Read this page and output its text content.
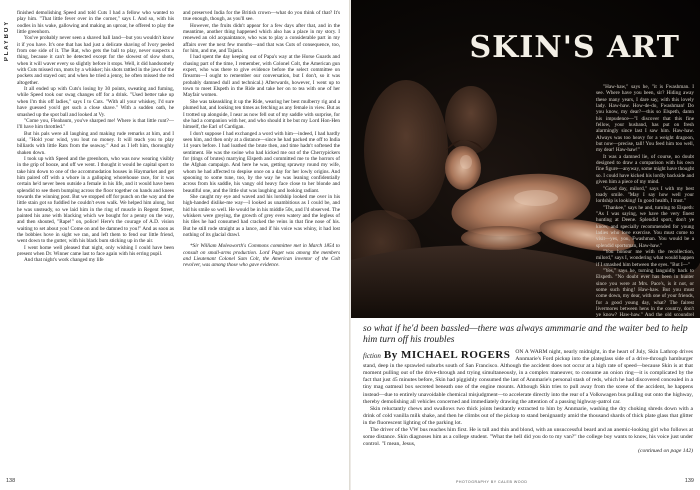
PLAYBOY

finished demolishing Speed and told Cuts I had a fellow who wanted to play him. "That little fever over in the corner," says I. And so, with his oodles in his wake, gallowing and making an uproar, he offered to play the little greenhorn.

You've probably never seen a shaved ball land—but you wouldn't know it if you have. It's one that has had just a delicate shaving of Ivory peeled from one side of it. The Rat, who gets the ball to play, never suspects a thing, because it can't be detected except for the slowest of slow shots, when it will waver every so slightly before it stops. Well, it did handsomely with Cuts missed run, mots by a whisker; his shots rattled in the jaws of the pockets and stayed out; and when he tried a jenny, he often missed the red altogether.

It all ended up with Cuts's losing by 30 points, sweating and fuming, while Speed took our swag changes off for a drink. "Used better take up when I'm this off ladies," says I to Cuts. "With all your whiskey, I'd sure have guessed you'd get such a close shave." With a sudden oath, he smashed up the spot ball and looked at Vy.

"Come you, Fleabaum, you've sharped me! Where is that little runt?—I'll have him throttled."

But his pals were all laughing and making rude remarks at him, and I said, "Hold your wind, you lout no money. It will teach you to play billiards with little Rats from the seaway." And as I left him, thoroughly shaken down.

I took up with Speed and the greenhorn, who was now wearing visibly in the grip of booze, and off we went. I thought it would be capital sport to take him down to one of the accommodation houses in Haymarket and get him paired off with a whore in a galloping whorehouse race, for it was certain he'd never been outside a female in his life, and it would have been splendid to see them bumping across the floor together on hands and knees towards the winning post. But we stopped off for punch on the way and the little stain got so fuddled he couldn't even walk. We helped him along, but he was unsteady, so we laid him in the ring of muscle in Regent Street, painted his arse with blacking which we bought for a penny on the way, and then shouted, "Rape!" on, police! Here's the courage of A.D. vision waiting to set about you! Come on and be damned to you!" And as soon as the bobbies hove in sight we ran, and left them to fend our little friend, went down to the gutter, with his black bum sticking up in the air.

I went home well pleased that night, only wishing I could have been present when Dr. Winner came last to face again with his erring pupil.

And that night's work changed my life

and preserved India for the British crown—what do you think of that? It's true enough, though, as you'll see.

However, the fruits didn't appear for a few days after that, and in the meantime, another thing happened which also has a place in my story. I renewed an old acquaintance, who was to play a considerable part in my affairs over the next few months—and that was Cuts of consequence, too, for him, and me, and Tajaria.

I had spent the day keeping out of Papa's way at the Horse Guards and chasing part of the time, I remember, with Colonel Colt, the American gun expert, who was there to give evidence before the select committee on firearms—I ought to remember our conversation, but I don't, so it was probably damned dull and technical.) Afterwards, however, I went up to town to meet Elspeth in the Ride and take her on to tea with one of her Mayfair women.

She was takeaskling it up the Ride, wearing her best mulberry rig and a plumed hat, and looking ten times as fetching as any female in view. But as I trotted up alongside, I near as now fell out of my saddle with surprise, for she had a companion with her, and who should it be but my Lord Hon-Hen himself, the Earl of Cardigan.

I don't suppose I had exchanged a word with him—indeed, I had hardly seen him, and then only at a distance—since he had packed me off to India 14 years before. I had loathed the brute then, and time hadn't softened the sentiment. He was the swine who had kicked me out of the Cherrypickers for (tings of brutes) marrying Elspeth and committed me to the horrors of the Afghan campaign. And here he was, getting sprawny round my wife, whom he had affected to despise once on a day for her lowly origins. And spooning to some tune, too, by the way he was leaning confidentially across from his saddle, his vangy old heavy face close to her blonde and beautiful one, and the little slut was laughing and looking radiant.

She caught my eye and waved and his lordship looked me over in his high-handed dislike-me way—I looked as unambitious as I could be, and hid his smile so well. He would be in his middle 50s, and I'd observed. The whiskers were greying, the growth of grey even watery and the legless of his tiles he had consumed had cracked the veins in that fine nose of his. But he still rode straight as a lance, and if his voice was whiny, it had lost nothing of its glacial drawl.

*Sir William Molesworth's Commons committee met in March 1854 to consult on small-arms production. Lord Paget was among the members and Lieutenant Colonel Sam Colt, the American inventor of the Colt revolver, was among those who gave evidence.

138
SKIN'S ART

"Haw-haw," says he, "it is Fwashman. I see. Where have you been, sir? Hiding away these many years, I dare say, with this lovely lady. Haw-haw. How-de-do, Fwashman! Do you know, my dear?—this so Elspeth, damn his impudence—"I discover that this fine fellow, your husband, has put on fresh alarmingly since last I saw him. Haw-haw. Always was too heavy for a weight dragoon, but now—precise, tall! You feed him too well, my dear! Haw-haw!"

It was a damned lie, of course, no doubt designed to draw a comparison with his own fine figure—anyway, some might have thought so. I could have kicked his lordly backside and given him a piece of my mind.

"Good day, milord," says I with my best toady smile. "May I say how well your lordship is looking! In good health, I trust."

"Thankee," says he and, turning to Elspeth: "As I was saying, we have the very finest hunting at Deene. Splendid sport, don't ye know, and specially recommended for young ladies who love exercise. You must come to visit—yes, you, Fwashman. You would be a splendid sportsman, Haw-haw."

"You honour me with the recollection, milord," says I, wondering what would happen if I smashed him between the eyes. "But I—"

"Yes," says he, turning languidly back to Elspeth. "No doubt ever has been in hunter since you were at Mrs. Pace's, is it not, or some such thing! Haw-haw. But you must come down, my dear, with one of your friends, for a good young day, what? The fairest livermores between hens in the country, don't ye know? Haw-haw." And the old scoundrel

so what if he'd been bassled—there was always ammmarie and the waiter bed to help him turn off his troubles
fiction By MICHAEL ROGERS ON A WARM night, nearly midnight, in the heart of July, Skin Lathrop drives Annmarie's Ford pickup into the plateglass side of a drive-through hamburger stand, deep in the sprawled suburbs south of San Francisco. Although the accident does not occur at a high rate of speed—because Skin is at that moment pulling out of the drive-through and trying simultaneously, in a complex maneuver, to consume an onion ring—it is complicated by the fact that just 45 minutes before, Skin had piggishly consumed the last of Annmarie's personal stash of reds, which he had discovered concealed in a tiny mag oatmeal box secreted beneath one of the engine mounts. Although Skin tries to pull away from the scene of the accident, he happens instead—due to entirely unavoidable chemical misjudgment—to accelerate directly into the rear of a Volkswagen bus pulling out onto the highway, thereby demolishing all vehicles concerned and immediately drawing the attention of a passing highway-patrol car.

Skin reluctantly chews and swallows two thick joints hesitantly extracted to him by Annmarie, washing the dry choking shreds down with a drink of cold vanilla milk shake, and then he climbs out of the pickup to stand benignantly amid the thousand shards of thick plate glass that glitter in the fluorescent lighting of the parking lot.

The driver of the VW bus reaches him first. He is tall and thin and blond, with an unsuccessful beard and an anemic-looking girl who follows at some distance. Skin diagnoses him as a college student. "What the hell did you do to my van?" the college boy wants to know, his voice just under control. "I mean, Jesus,

(continued on page 142)

PHOTOGRAPHY BY CALEB WOOD	139
